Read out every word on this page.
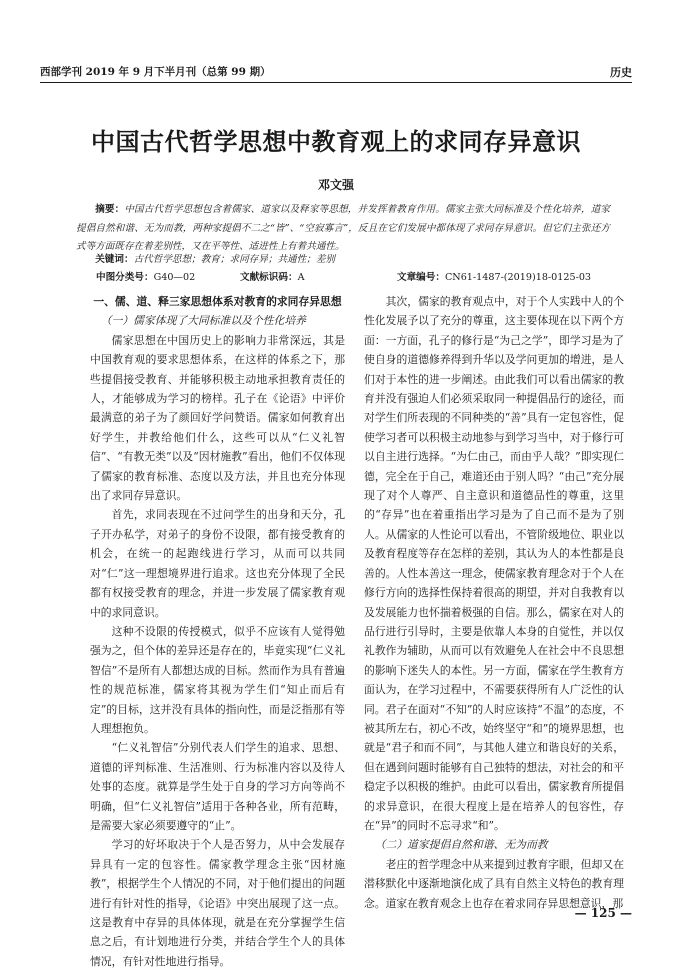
西部学刊 2019 年 9 月下半月刊（总第 99 期）	历史
中国古代哲学思想中教育观上的求同存异意识
邓文强
摘要：中国古代哲学思想包含着儒家、道家以及释家等思想，并发挥着教育作用。儒家主张大同标准及个性化培养，道家提倡自然和谐、无为而教，两种家提倡不二之“皆”、“空寂寡言”，反且在它们发展中都体现了求同存异意识。但它们主张还方式等方面既存在着差别性，又在平等性、适进性上有着共通性。
关键词：古代哲学思想；教育；求同存异；共通性；差别
中图分类号：G40—02	文献标识码：A	文章编号：CN61-1487-(2019)18-0125-03

一、儒、道、释三家思想体系对教育的求同存异思想

（一）儒家体现了大同标准以及个性化培养

儒家思想在中国历史上的影响力非常深远，其是中国教育观的要求思想体系，在这样的体系之下，那些提倡接受教育、并能够积极主动地承担教育责任的人，才能够成为学习的榜样。孔子在《论语》中评价最满意的弟子为了颜回好学问赞语。儒家如何教育出好学生，并教给他们什么，这些可以从“仁义礼智信”、“有教无类”以及“因材施教”看出，他们不仅体现了儒家的教育标准、态度以及方法，并且也充分体现出了求同存异意识。

首先，求同表现在不过问学生的出身和天分，孔子开办私学，对弟子的身份不设限，都有接受教育的机会，在统一的起跑线进行学习，从而可以共同对“仁”这一理想境界进行追求。这也充分体现了全民都有权接受教育的理念，并进一步发展了儒家教育观中的求同意识。

这种不设限的传授模式，似乎不应该有人觉得勉强为之，但个体的差异还是存在的，毕竟实现“仁义礼智信”不是所有人都想达成的目标。然而作为具有普遍性的规范标准，儒家将其视为学生们“知止而后有定”的目标，这并没有具体的指向性，而是泛指那有等人理想抱负。

“仁义礼智信”分别代表人们学生的追求、思想、道德的评判标准、生活准则、行为标准内容以及待人处事的态度。就算是学生处于自身的学习方向等尚不明确，但“仁义礼智信”适用于各种各业，所有范畴，是需要大家必须要遵守的“止”。

学习的好坏取决于个人是否努力，从中会发展存异具有一定的包容性。儒家教学理念主张“因材施教”，根据学生个人情况的不同，对于他们提出的问题进行有针对性的指导，《论语》中突出展现了这一点。这是教育中存异的具体体现，就是在充分掌握学生信息之后，有计划地进行分类，并结合学生个人的具体情况，有针对性地进行指导。

其次，儒家的教育观点中，对于个人实践中人的个性化发展予以了充分的尊重，这主要体现在以下两个方面：一方面，孔子的修行是“为己之学”，即学习是为了使自身的道德修养得到升华以及学问更加的增进，是人们对于本性的进一步阐述。由此我们可以看出儒家的教育并没有强迫人们必须采取同一种提倡品行的途径，而对学生们所表现的不同种类的“善”具有一定包容性，促使学习者可以积极主动地参与到学习当中，对于修行可以自主进行选择。“为仁由己，而由乎人哉？”即实现仁德，完全在于自己，难道还由于别人吗？“由己”充分展现了对个人尊严、自主意识和道德品性的尊重，这里的“存异”也在着重指出学习是为了自己而不是为了别人。从儒家的人性论可以看出，不管阶级地位、职业以及教育程度等存在怎样的差别，其认为人的本性都是良善的。人性本善这一理念，使儒家教育理念对于个人在修行方向的选择性保持着很高的期望，并对自我教育以及发展能力也怀揣着极强的自信。那么，儒家在对人的品行进行引导时，主要是依靠人本身的自觉性，并以仅礼教作为辅助，从而可以有效避免人在社会中不良思想的影响下迷失人的本性。另一方面，儒家在学生教育方面认为，在学习过程中，不需要获得所有人广泛性的认同。君子在面对“不知”的人时应该持“不温”的态度，不被其所左右，初心不改，始终坚守“和”的境界思想，也就是“君子和而不同”，与其他人建立和谐良好的关系，但在遇到问题时能够有自己独特的想法，对社会的和平稳定予以积极的维护。由此可以看出，儒家教育所提倡的求异意识，在很大程度上是在培养人的包容性，存在“异”的同时不忘寻求“和”。

（二）道家提倡自然和谐、无为而教

老庄的哲学理念中从来提到过教育字眼，但却又在潜移默化中逐渐地演化成了具有自然主义特色的教育理念。道家在教育观念上也存在着求同存异思想意识，那

— 125 —
